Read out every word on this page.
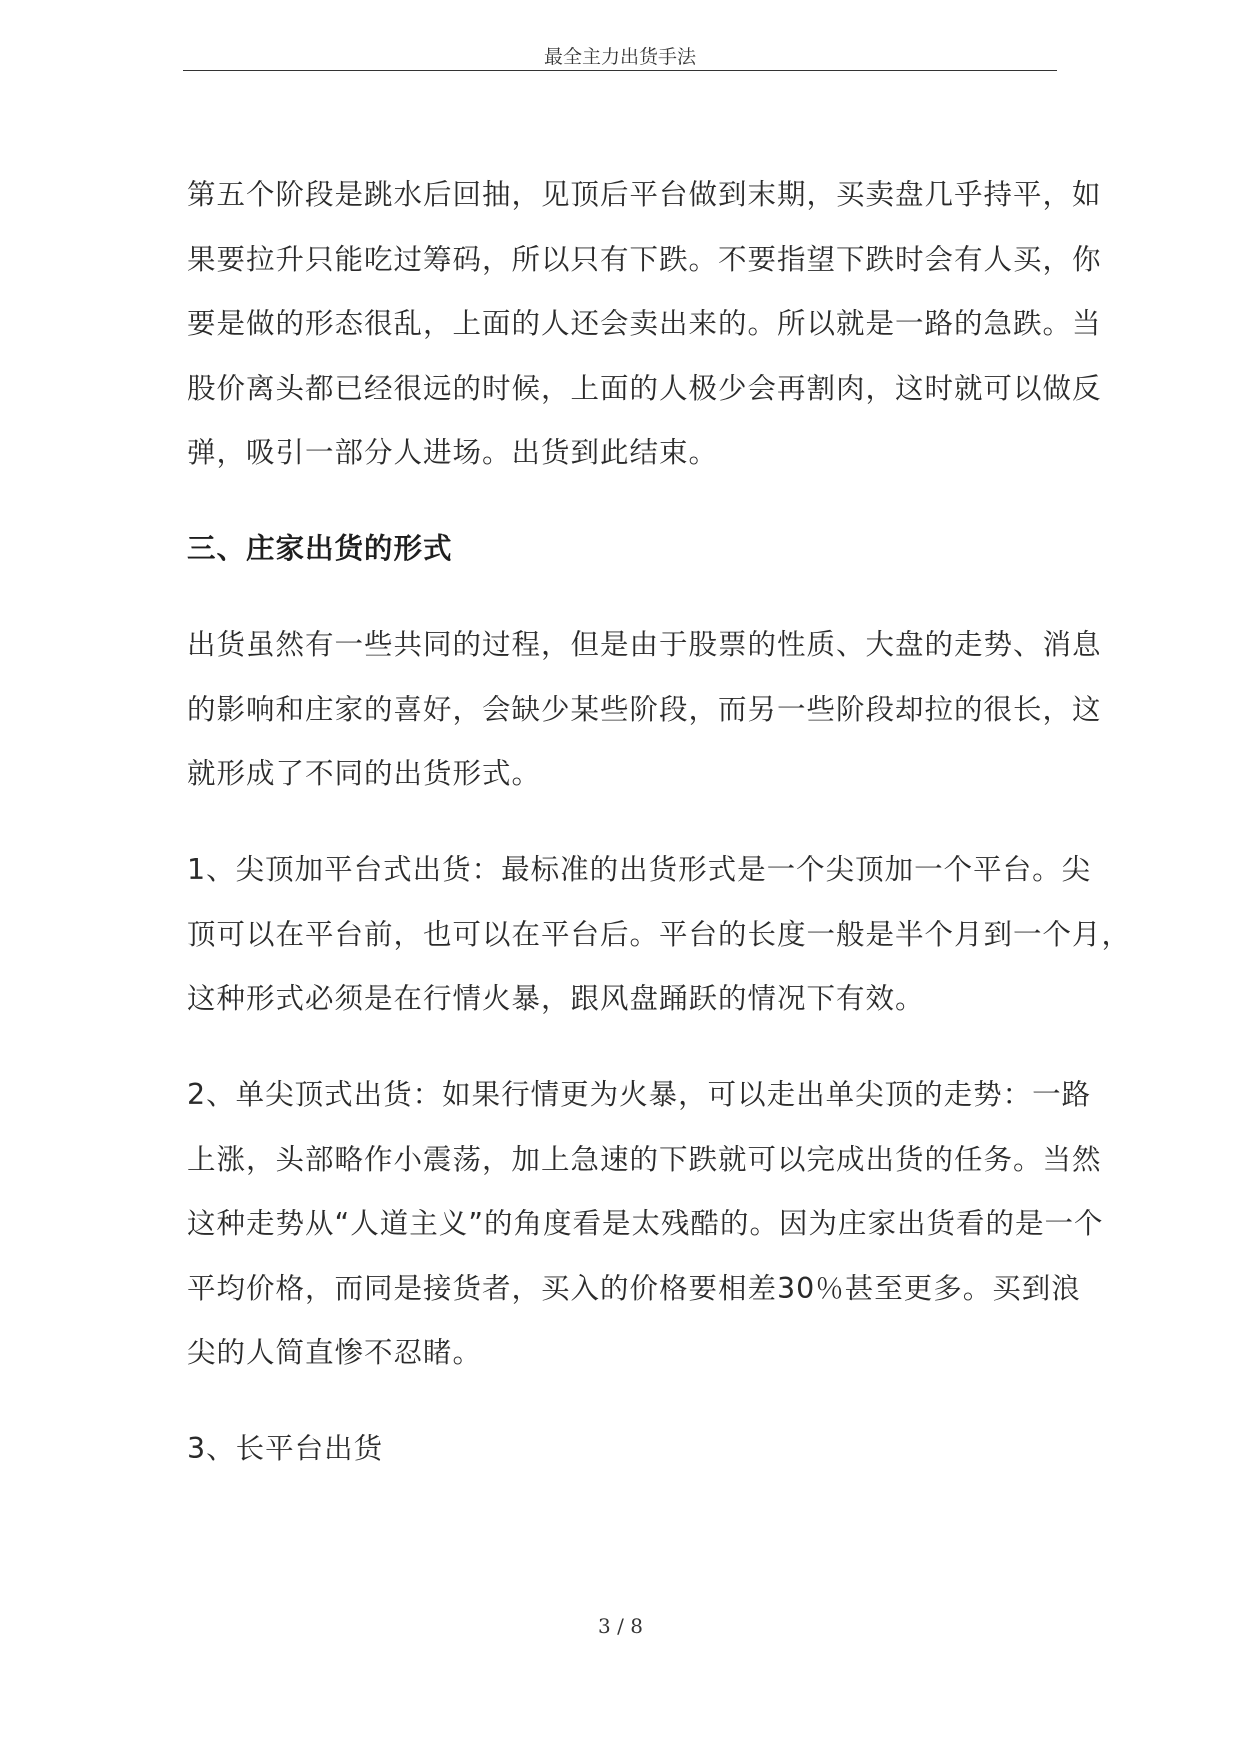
最全主力出货手法
第五个阶段是跳水后回抽，见顶后平台做到末期，买卖盘几乎持平，如
果要拉升只能吃过筹码，所以只有下跌。不要指望下跌时会有人买，你
要是做的形态很乱，上面的人还会卖出来的。所以就是一路的急跌。当
股价离头都已经很远的时候，上面的人极少会再割肉，这时就可以做反
弹，吸引一部分人进场。出货到此结束。
三、庄家出货的形式
出货虽然有一些共同的过程，但是由于股票的性质、大盘的走势、消息
的影响和庄家的喜好，会缺少某些阶段，而另一些阶段却拉的很长，这
就形成了不同的出货形式。
1、尖顶加平台式出货：最标准的出货形式是一个尖顶加一个平台。尖
顶可以在平台前，也可以在平台后。平台的长度一般是半个月到一个月，
这种形式必须是在行情火暴，跟风盘踊跃的情况下有效。
2、单尖顶式出货：如果行情更为火暴，可以走出单尖顶的走势：一路
上涨，头部略作小震荡，加上急速的下跌就可以完成出货的任务。当然
这种走势从“人道主义”的角度看是太残酷的。因为庄家出货看的是一个
平均价格，而同是接货者，买入的价格要相差30％甚至更多。买到浪
尖的人简直惨不忍睹。
3、长平台出货
3 / 8
